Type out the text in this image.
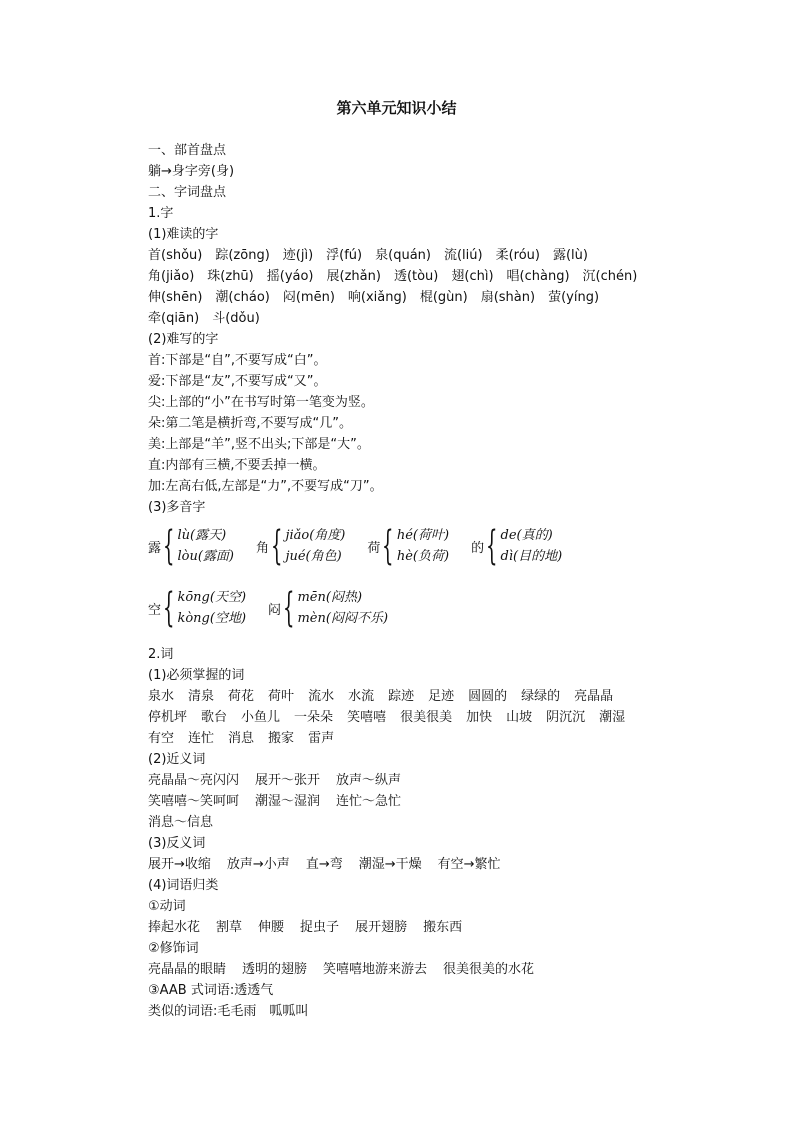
第六单元知识小结
一、部首盘点
躺→身字旁(身)
二、字词盘点
1.字
(1)难读的字
首(shǒu) 踪(zōng) 迹(jì) 浮(fú) 泉(quán) 流(liú) 柔(róu) 露(lù)
角(jiǎo) 珠(zhū) 摇(yáo) 展(zhǎn) 透(tòu) 翅(chì) 唱(chàng) 沉(chén)
伸(shēn) 潮(cháo) 闷(mēn) 响(xiǎng) 棍(gùn) 扇(shàn) 萤(yíng)
牵(qiān) 斗(dǒu)
(2)难写的字
首:下部是“自”,不要写成“白”。
爱:下部是“友”,不要写成“又”。
尖:上部的“小”在书写时第一笔变为竖。
朵:第二笔是横折弯,不要写成“几”。
美:上部是“羊”,竖不出头;下部是“大”。
直:内部有三横,不要丢掉一横。
加:左高右低,左部是“力”,不要写成“刀”。
(3)多音字
露 { lù(露天)
lòu(露面)
角 { jiǎo(角度)
jué(角色)
荷 { hé(荷叶)
hè(负荷)
的 { de(真的)
dì(目的地)
空 { kōng(天空)
kòng(空地)
闷 { mēn(闷热)
mèn(闷闷不乐)
2.词
(1)必须掌握的词
泉水 清泉 荷花 荷叶 流水 水流 踪迹 足迹 圆圆的 绿绿的 亮晶晶
停机坪 歌台 小鱼儿 一朵朵 笑嘻嘻 很美很美 加快 山坡 阴沉沉 潮湿
有空 连忙 消息 搬家 雷声
(2)近义词
亮晶晶～亮闪闪 展开～张开 放声～纵声
笑嘻嘻～笑呵呵 潮湿～湿润 连忙～急忙
消息～信息
(3)反义词
展开→收缩 放声→小声 直→弯 潮湿→干燥 有空→繁忙
(4)词语归类
①动词
捧起水花 割草 伸腰 捉虫子 展开翅膀 搬东西
②修饰词
亮晶晶的眼睛 透明的翅膀 笑嘻嘻地游来游去 很美很美的水花
③AAB 式词语:透透气
类似的词语:毛毛雨　呱呱叫
